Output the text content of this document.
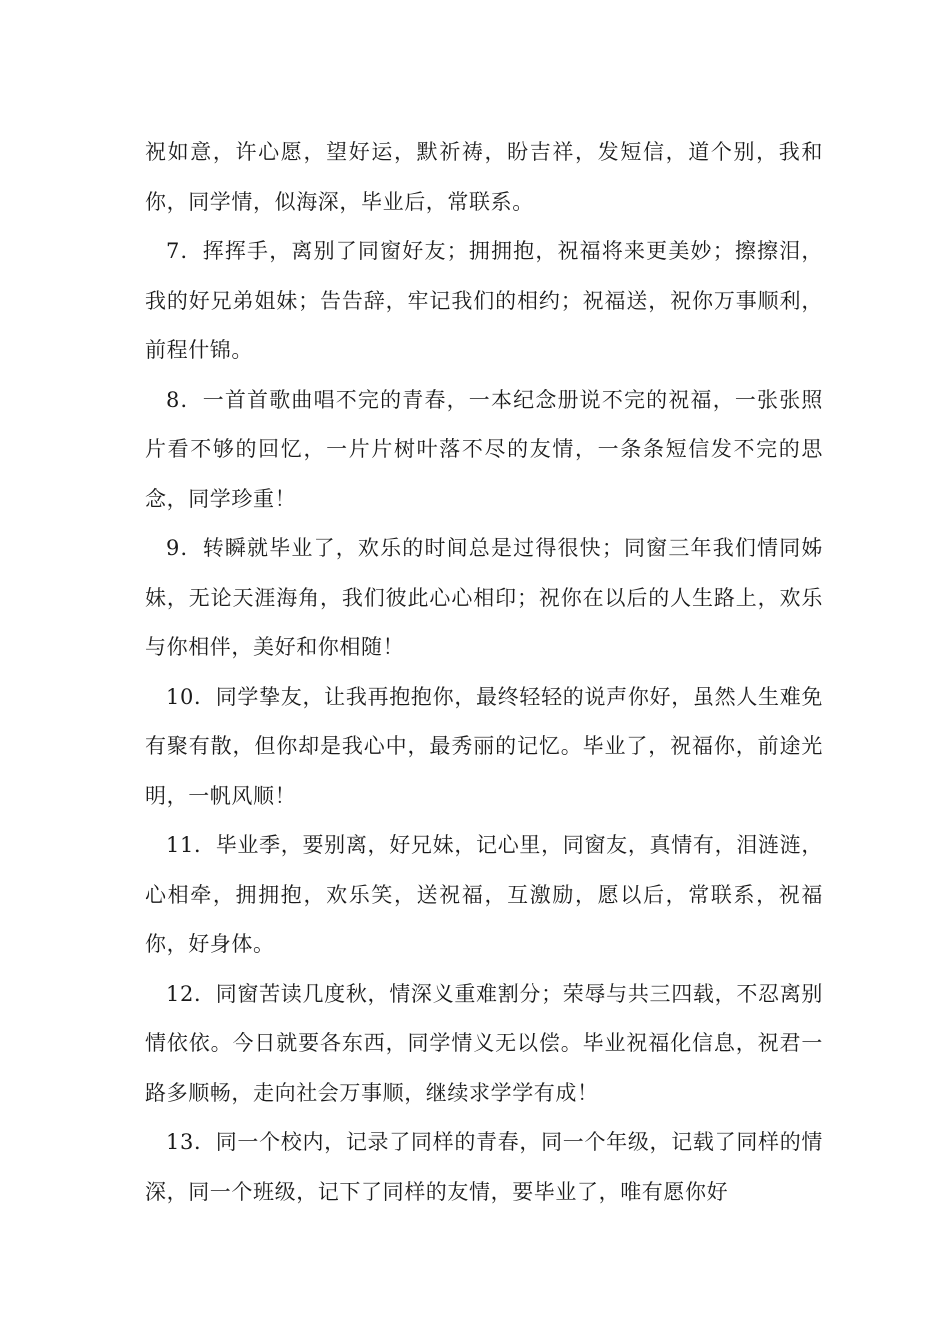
祝如意，许心愿，望好运，默祈祷，盼吉祥，发短信，道个别，我和你，同学情，似海深，毕业后，常联系。

7．挥挥手，离别了同窗好友；拥拥抱，祝福将来更美妙；擦擦泪，我的好兄弟姐妹；告告辞，牢记我们的相约；祝福送，祝你万事顺利，前程什锦。

8．一首首歌曲唱不完的青春，一本纪念册说不完的祝福，一张张照片看不够的回忆，一片片树叶落不尽的友情，一条条短信发不完的思念，同学珍重！

9．转瞬就毕业了，欢乐的时间总是过得很快；同窗三年我们情同姊妹，无论天涯海角，我们彼此心心相印；祝你在以后的人生路上，欢乐与你相伴，美好和你相随！

10．同学挚友，让我再抱抱你，最终轻轻的说声你好，虽然人生难免有聚有散，但你却是我心中，最秀丽的记忆。毕业了，祝福你，前途光明，一帆风顺！

11．毕业季，要别离，好兄妹，记心里，同窗友，真情有，泪涟涟，心相牵，拥拥抱，欢乐笑，送祝福，互激励，愿以后，常联系，祝福你，好身体。

12．同窗苦读几度秋，情深义重难割分；荣辱与共三四载，不忍离别情依依。今日就要各东西，同学情义无以偿。毕业祝福化信息，祝君一路多顺畅，走向社会万事顺，继续求学学有成！

13．同一个校内，记录了同样的青春，同一个年级，记载了同样的情深，同一个班级，记下了同样的友情，要毕业了，唯有愿你好
